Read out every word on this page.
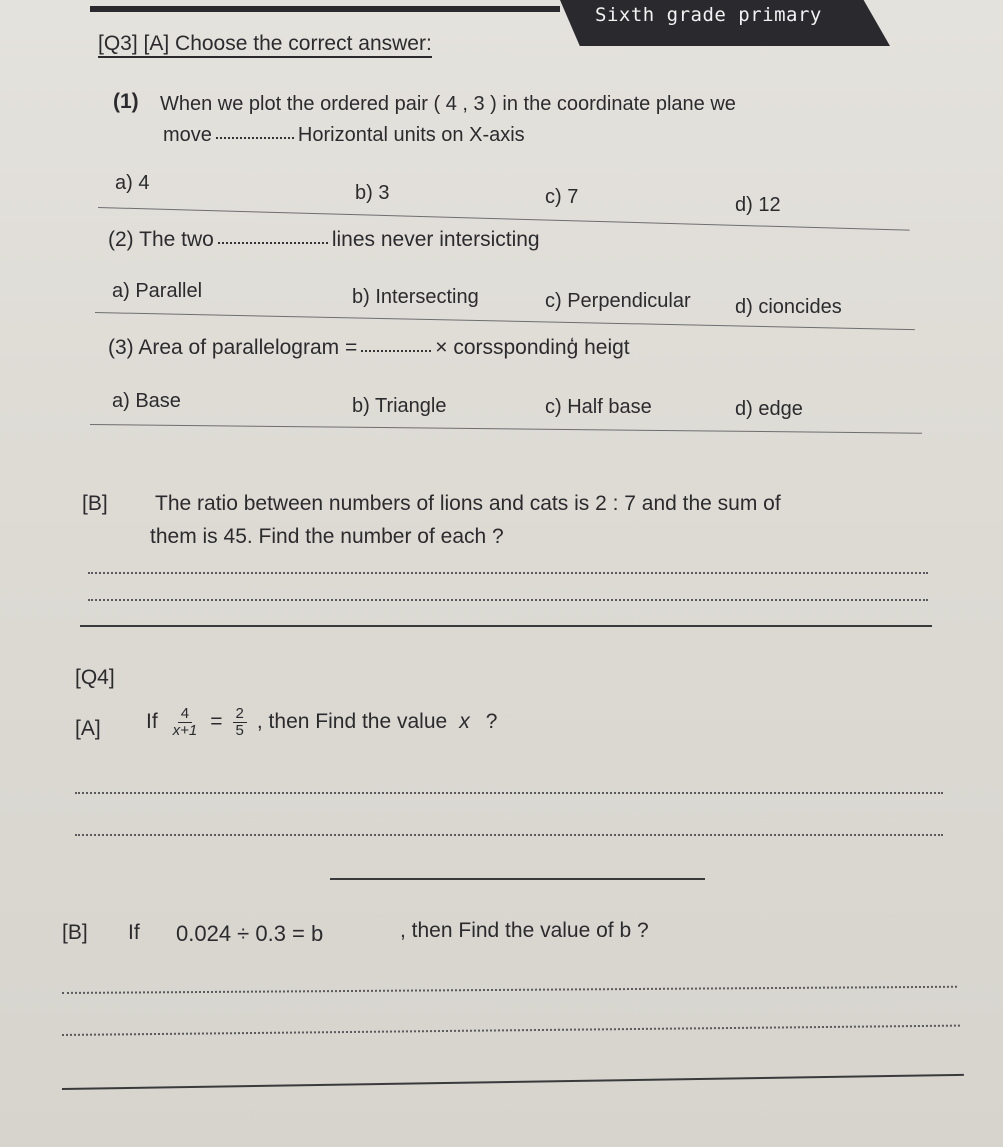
Sixth grade primary
[Q3] [A] Choose the correct answer:
(1) When we plot the ordered pair ( 4 , 3 ) in the coordinate plane we
move	Horizontal units on X-axis
a) 4	b) 3	c) 7	d) 12
(2) The two	lines never intersicting
a) Parallel	b) Intersecting	c) Perpendicular d) cioncides
(3) Area of parallelogram =	× corsspondinģ heigt
a) Base	b) Triangle	c) Half base	d) edge
[B] The ratio between numbers of lions and cats is 2 : 7 and the sum of
them is 45. Find the number of each ?
[Q4]
[A] If $\frac{4}{x+1} = \frac{2}{5}$ , then Find the value x ?
[B] If 0.024 ÷ 0.3 = b	, then Find the value of b ?
